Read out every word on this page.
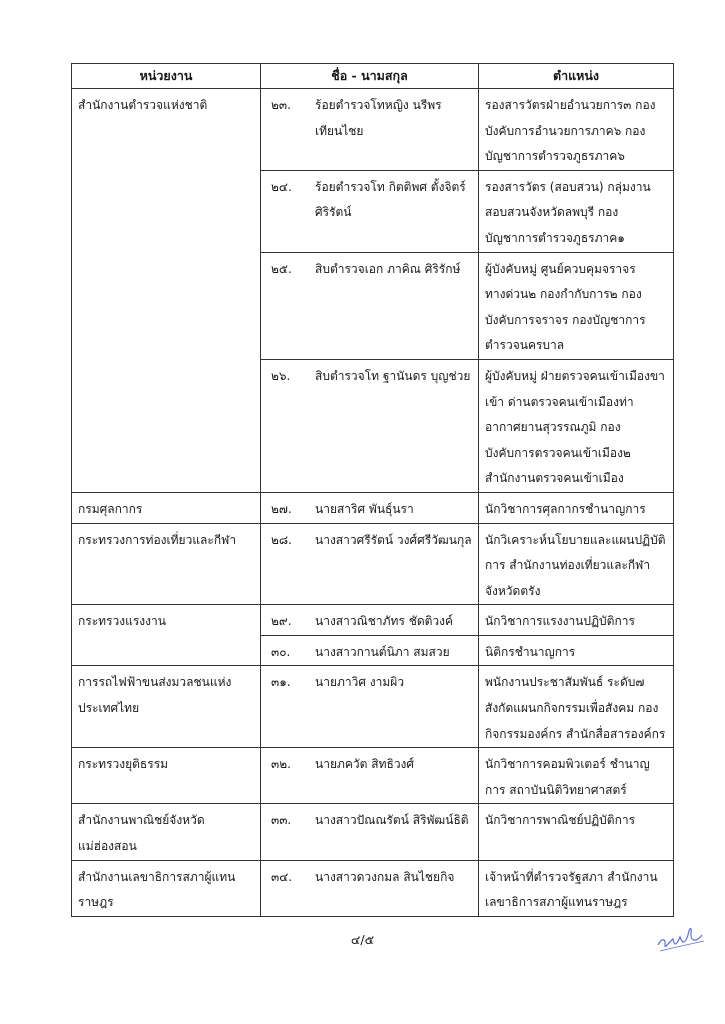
หน่วยงาน	ชื่อ - นามสกุล	ตำแหน่ง
สำนักงานตำรวจแห่งชาติ	๒๓. ร้อยตำรวจโทหญิง นรีพร เทียนไชย	รองสารวัตรฝ่ายอำนวยการ๓ กองบังคับการอำนวยการภาค๖ กองบัญชาการตำรวจภูธรภาค๖

	๒๔. ร้อยตำรวจโท กิตติพศ ตั้งจิตร์ศิริรัตน์	รองสารวัตร (สอบสวน) กลุ่มงานสอบสวนจังหวัดลพบุรี กองบัญชาการตำรวจภูธรภาค๑

	๒๕. สิบตำรวจเอก ภาคิณ ศิริรักษ์	ผู้บังคับหมู่ ศูนย์ควบคุมจราจรทางด่วน๒ กองกำกับการ๒ กองบังคับการจราจร กองบัญชาการตำรวจนครบาล

	๒๖. สิบตำรวจโท ฐานันดร บุญช่วย	ผู้บังคับหมู่ ฝ่ายตรวจคนเข้าเมืองขาเข้า ด่านตรวจคนเข้าเมืองท่าอากาศยานสุวรรณภูมิ กองบังคับการตรวจคนเข้าเมือง๒ สำนักงานตรวจคนเข้าเมือง
กรมศุลกากร	๒๗. นายสาริศ พันธุ์นรา	นักวิชาการศุลกากรชำนาญการ
กระทรวงการท่องเที่ยวและกีฬา	๒๘. นางสาวศรีรัตน์ วงศ์ศรีวัฒนกุล	นักวิเคราะห์นโยบายและแผนปฏิบัติการ สำนักงานท่องเที่ยวและกีฬาจังหวัดตรัง
กระทรวงแรงงาน	๒๙. นางสาวณิชาภัทร ชัดติวงค์	นักวิชาการแรงงานปฏิบัติการ

	๓๐. นางสาวกานต์นิภา สมสวย	นิติกรชำนาญการ
การรถไฟฟ้าขนส่งมวลชนแห่งประเทศไทย	๓๑. นายภาวิศ งามผิว	พนักงานประชาสัมพันธ์ ระดับ๗ สังกัดแผนกกิจกรรมเพื่อสังคม กองกิจกรรมองค์กร สำนักสื่อสารองค์กร
กระทรวงยุติธรรม	๓๒. นายภควัต สิทธิวงศ์	นักวิชาการคอมพิวเตอร์ ชำนาญการ สถาบันนิติวิทยาศาสตร์
สำนักงานพาณิชย์จังหวัดแม่ฮ่องสอน	๓๓. นางสาวปัณณรัตน์ สิริพัฒน์ธิติ	นักวิชาการพาณิชย์ปฏิบัติการ
สำนักงานเลขาธิการสภาผู้แทนราษฎร	๓๔. นางสาวดวงกมล สินไชยกิจ	เจ้าหน้าที่ตำรวจรัฐสภา สำนักงานเลขาธิการสภาผู้แทนราษฎร
๔/๕
